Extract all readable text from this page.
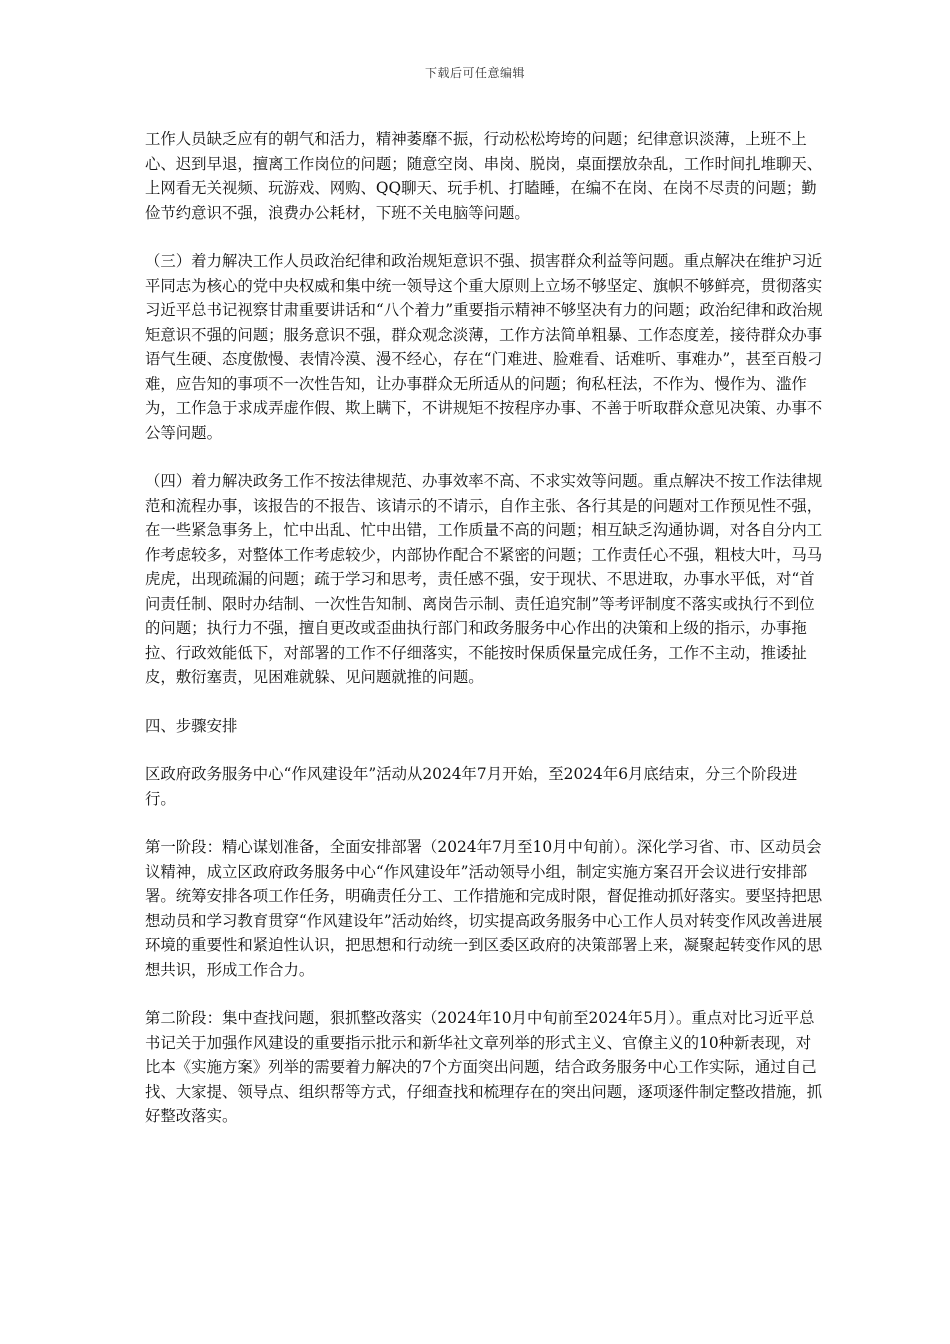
下载后可任意编辑

工作人员缺乏应有的朝气和活力，精神萎靡不振，行动松松垮垮的问题；纪律意识淡薄，上班不上心、迟到早退，擅离工作岗位的问题；随意空岗、串岗、脱岗，桌面摆放杂乱，工作时间扎堆聊天、上网看无关视频、玩游戏、网购、QQ聊天、玩手机、打瞌睡，在编不在岗、在岗不尽责的问题；勤俭节约意识不强，浪费办公耗材，下班不关电脑等问题。

（三）着力解决工作人员政治纪律和政治规矩意识不强、损害群众利益等问题。重点解决在维护习近平同志为核心的党中央权威和集中统一领导这个重大原则上立场不够坚定、旗帜不够鲜亮，贯彻落实习近平总书记视察甘肃重要讲话和“八个着力”重要指示精神不够坚决有力的问题；政治纪律和政治规矩意识不强的问题；服务意识不强，群众观念淡薄，工作方法简单粗暴、工作态度差，接待群众办事语气生硬、态度傲慢、表情冷漠、漫不经心，存在“门难进、脸难看、话难听、事难办”，甚至百般刁难，应告知的事项不一次性告知，让办事群众无所适从的问题；徇私枉法，不作为、慢作为、滥作为，工作急于求成弄虚作假、欺上瞒下，不讲规矩不按程序办事、不善于听取群众意见决策、办事不公等问题。

（四）着力解决政务工作不按法律规范、办事效率不高、不求实效等问题。重点解决不按工作法律规范和流程办事，该报告的不报告、该请示的不请示，自作主张、各行其是的问题对工作预见性不强，在一些紧急事务上，忙中出乱、忙中出错，工作质量不高的问题；相互缺乏沟通协调，对各自分内工作考虑较多，对整体工作考虑较少，内部协作配合不紧密的问题；工作责任心不强，粗枝大叶，马马虎虎，出现疏漏的问题；疏于学习和思考，责任感不强，安于现状、不思进取，办事水平低，对“首问责任制、限时办结制、一次性告知制、离岗告示制、责任追究制”等考评制度不落实或执行不到位的问题；执行力不强，擅自更改或歪曲执行部门和政务服务中心作出的决策和上级的指示，办事拖拉、行政效能低下，对部署的工作不仔细落实，不能按时保质保量完成任务，工作不主动，推诿扯皮，敷衍塞责，见困难就躲、见问题就推的问题。

四、步骤安排

区政府政务服务中心“作风建设年”活动从2024年7月开始，至2024年6月底结束，分三个阶段进行。

第一阶段：精心谋划准备，全面安排部署（2024年7月至10月中旬前）。深化学习省、市、区动员会议精神，成立区政府政务服务中心“作风建设年”活动领导小组，制定实施方案召开会议进行安排部署。统筹安排各项工作任务，明确责任分工、工作措施和完成时限，督促推动抓好落实。要坚持把思想动员和学习教育贯穿“作风建设年”活动始终，切实提高政务服务中心工作人员对转变作风改善进展环境的重要性和紧迫性认识，把思想和行动统一到区委区政府的决策部署上来，凝聚起转变作风的思想共识，形成工作合力。

第二阶段：集中查找问题，狠抓整改落实（2024年10月中旬前至2024年5月）。重点对比习近平总书记关于加强作风建设的重要指示批示和新华社文章列举的形式主义、官僚主义的10种新表现，对比本《实施方案》列举的需要着力解决的7个方面突出问题，结合政务服务中心工作实际，通过自己找、大家提、领导点、组织帮等方式，仔细查找和梳理存在的突出问题，逐项逐件制定整改措施，抓好整改落实。
